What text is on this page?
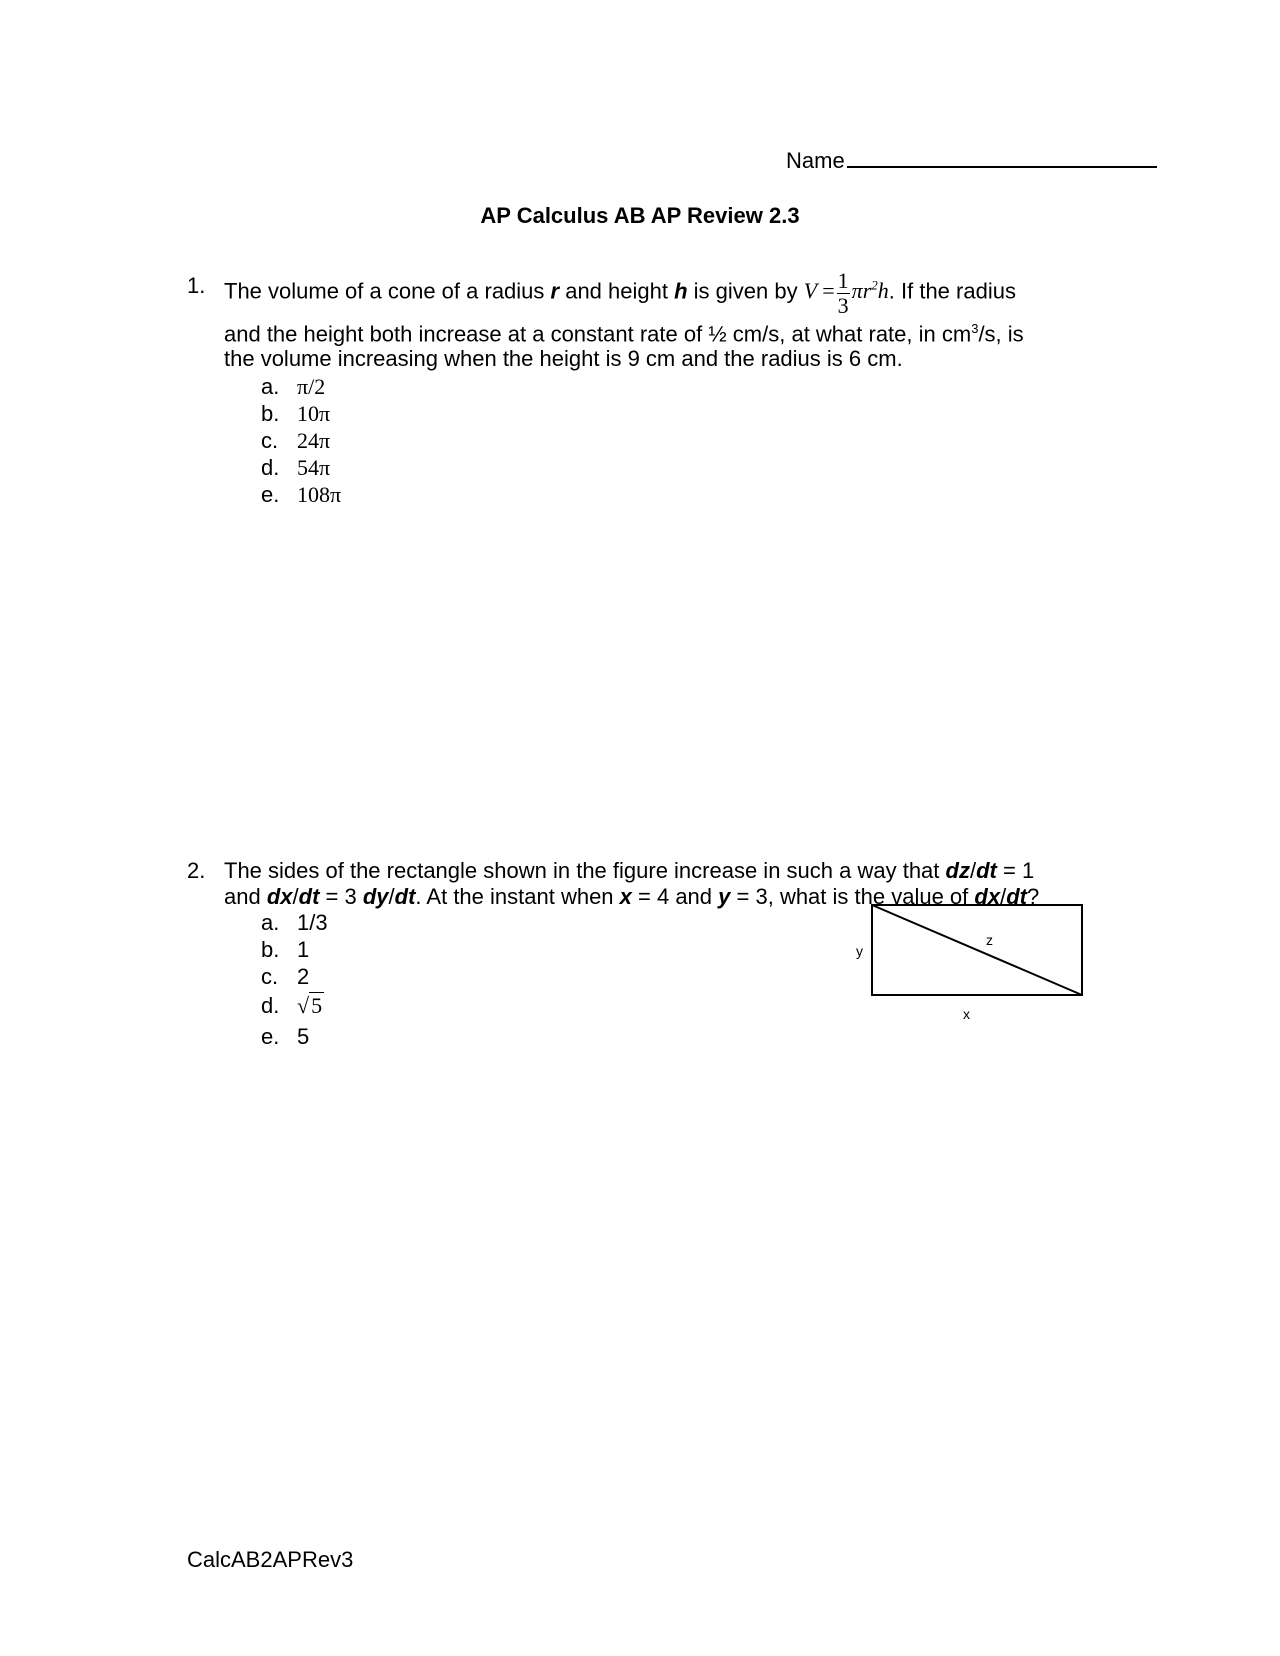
Name
AP Calculus AB AP Review 2.3
1. The volume of a cone of a radius r and height h is given by $V = \frac{1}{3} \pi r^2h$. If the radius
and the height both increase at a constant rate of ½ cm/s, at what rate, in $cm^3/s$, is
the volume increasing when the height is 9 cm and the radius is 6 cm.
a. π/2
b. 10π
c. 24π
d. 54π
e. 108π
2. The sides of the rectangle shown in the figure increase in such a way that dz/dt = 1
and dx/dt = 3 dy/dt. At the instant when x = 4 and y = 3, what is the value of dx/dt?
a. 1/3
b. 1
c. 2
d. √5
e. 5
z
y
x
CalcAB2APRev3
